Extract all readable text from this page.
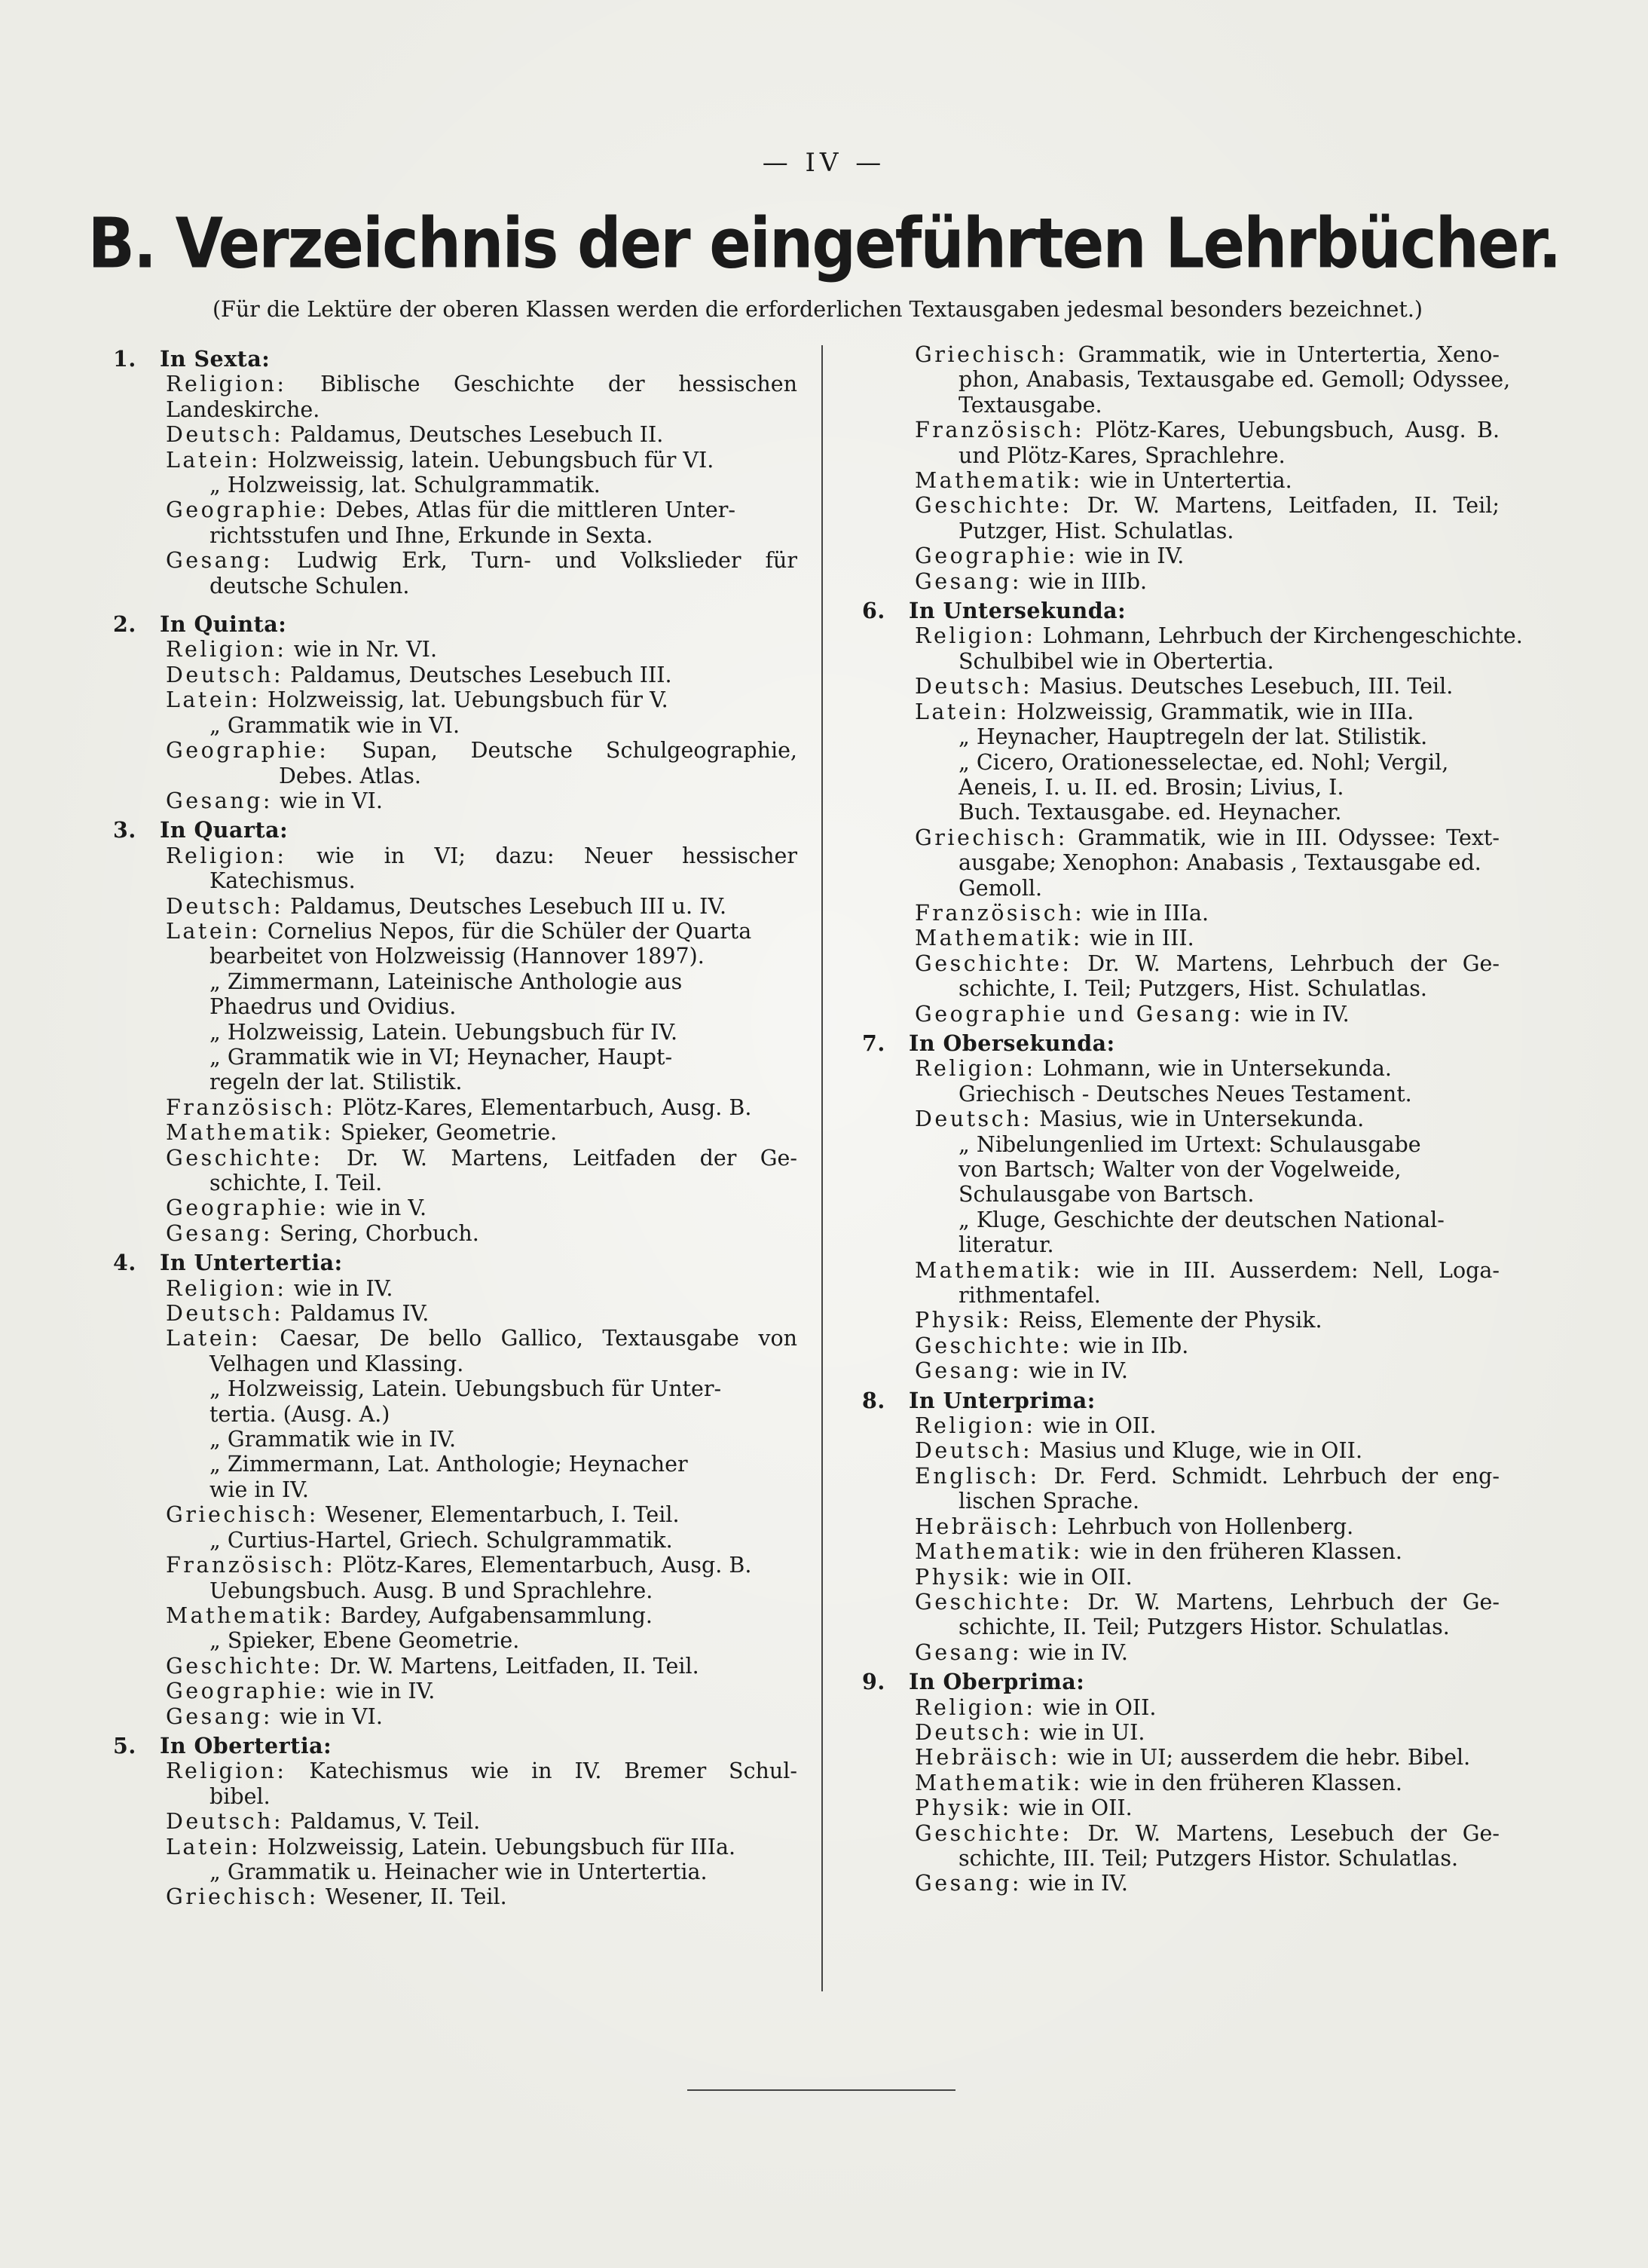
— IV —
B. Verzeichnis der eingeführten Lehrbücher.
(Für die Lektüre der oberen Klassen werden die erforderlichen Textausgaben jedesmal besonders bezeichnet.)
1. In Sexta:
Religion: Biblische Geschichte der hessischen
Landeskirche.
Deutsch: Paldamus, Deutsches Lesebuch II.
Latein: Holzweissig, latein. Uebungsbuch für VI.
„ Holzweissig, lat. Schulgrammatik.
Geographie: Debes, Atlas für die mittleren Unter-
richtsstufen und Ihne, Erkunde in Sexta.
Gesang: Ludwig Erk, Turn- und Volkslieder für
deutsche Schulen.
2. In Quinta:
Religion: wie in Nr. VI.
Deutsch: Paldamus, Deutsches Lesebuch III.
Latein: Holzweissig, lat. Uebungsbuch für V.
„ Grammatik wie in VI.
Geographie: Supan, Deutsche Schulgeographie,
Debes. Atlas.
Gesang: wie in VI.
3. In Quarta:
Religion: wie in VI; dazu: Neuer hessischer
Katechismus.
Deutsch: Paldamus, Deutsches Lesebuch III u. IV.
Latein: Cornelius Nepos, für die Schüler der Quarta
bearbeitet von Holzweissig (Hannover 1897).
„ Zimmermann, Lateinische Anthologie aus
Phaedrus und Ovidius.
„ Holzweissig, Latein. Uebungsbuch für IV.
„ Grammatik wie in VI; Heynacher, Haupt-
regeln der lat. Stilistik.
Französisch: Plötz-Kares, Elementarbuch, Ausg. B.
Mathematik: Spieker, Geometrie.
Geschichte: Dr. W. Martens, Leitfaden der Ge-
schichte, I. Teil.
Geographie: wie in V.
Gesang: Sering, Chorbuch.
4. In Untertertia:
Religion: wie in IV.
Deutsch: Paldamus IV.
Latein: Caesar, De bello Gallico, Textausgabe von
Velhagen und Klassing.
„ Holzweissig, Latein. Uebungsbuch für Unter-
tertia. (Ausg. A.)
„ Grammatik wie in IV.
„ Zimmermann, Lat. Anthologie; Heynacher
wie in IV.
Griechisch: Wesener, Elementarbuch, I. Teil.
„ Curtius-Hartel, Griech. Schulgrammatik.
Französisch: Plötz-Kares, Elementarbuch, Ausg. B.
Uebungsbuch. Ausg. B und Sprachlehre.
Mathematik: Bardey, Aufgabensammlung.
„ Spieker, Ebene Geometrie.
Geschichte: Dr. W. Martens, Leitfaden, II. Teil.
Geographie: wie in IV.
Gesang: wie in VI.
5. In Obertertia:
Religion: Katechismus wie in IV. Bremer Schul-
bibel.
Deutsch: Paldamus, V. Teil.
Latein: Holzweissig, Latein. Uebungsbuch für IIIa.
„ Grammatik u. Heinacher wie in Untertertia.
Griechisch: Wesener, II. Teil.
Griechisch: Grammatik, wie in Untertertia, Xeno-
phon, Anabasis, Textausgabe ed. Gemoll; Odyssee,
Textausgabe.
Französisch: Plötz-Kares, Uebungsbuch, Ausg. B.
und Plötz-Kares, Sprachlehre.
Mathematik: wie in Untertertia.
Geschichte: Dr. W. Martens, Leitfaden, II. Teil;
Putzger, Hist. Schulatlas.
Geographie: wie in IV.
Gesang: wie in IIIb.
6. In Untersekunda:
Religion: Lohmann, Lehrbuch der Kirchengeschichte.
Schulbibel wie in Obertertia.
Deutsch: Masius. Deutsches Lesebuch, III. Teil.
Latein: Holzweissig, Grammatik, wie in IIIa.
„ Heynacher, Hauptregeln der lat. Stilistik.
„ Cicero, Orationesselectae, ed. Nohl; Vergil,
Aeneis, I. u. II. ed. Brosin; Livius, I.
Buch. Textausgabe. ed. Heynacher.
Griechisch: Grammatik, wie in III. Odyssee: Text-
ausgabe; Xenophon: Anabasis , Textausgabe ed.
Gemoll.
Französisch: wie in IIIa.
Mathematik: wie in III.
Geschichte: Dr. W. Martens, Lehrbuch der Ge-
schichte, I. Teil; Putzgers, Hist. Schulatlas.
Geographie und Gesang: wie in IV.
7. In Obersekunda:
Religion: Lohmann, wie in Untersekunda.
Griechisch - Deutsches Neues Testament.
Deutsch: Masius, wie in Untersekunda.
„ Nibelungenlied im Urtext: Schulausgabe
von Bartsch; Walter von der Vogelweide,
Schulausgabe von Bartsch.
„ Kluge, Geschichte der deutschen National-
literatur.
Mathematik: wie in III. Ausserdem: Nell, Loga-
rithmentafel.
Physik: Reiss, Elemente der Physik.
Geschichte: wie in IIb.
Gesang: wie in IV.
8. In Unterprima:
Religion: wie in OII.
Deutsch: Masius und Kluge, wie in OII.
Englisch: Dr. Ferd. Schmidt. Lehrbuch der eng-
lischen Sprache.
Hebräisch: Lehrbuch von Hollenberg.
Mathematik: wie in den früheren Klassen.
Physik: wie in OII.
Geschichte: Dr. W. Martens, Lehrbuch der Ge-
schichte, II. Teil; Putzgers Histor. Schulatlas.
Gesang: wie in IV.
9. In Oberprima:
Religion: wie in OII.
Deutsch: wie in UI.
Hebräisch: wie in UI; ausserdem die hebr. Bibel.
Mathematik: wie in den früheren Klassen.
Physik: wie in OII.
Geschichte: Dr. W. Martens, Lesebuch der Ge-
schichte, III. Teil; Putzgers Histor. Schulatlas.
Gesang: wie in IV.
